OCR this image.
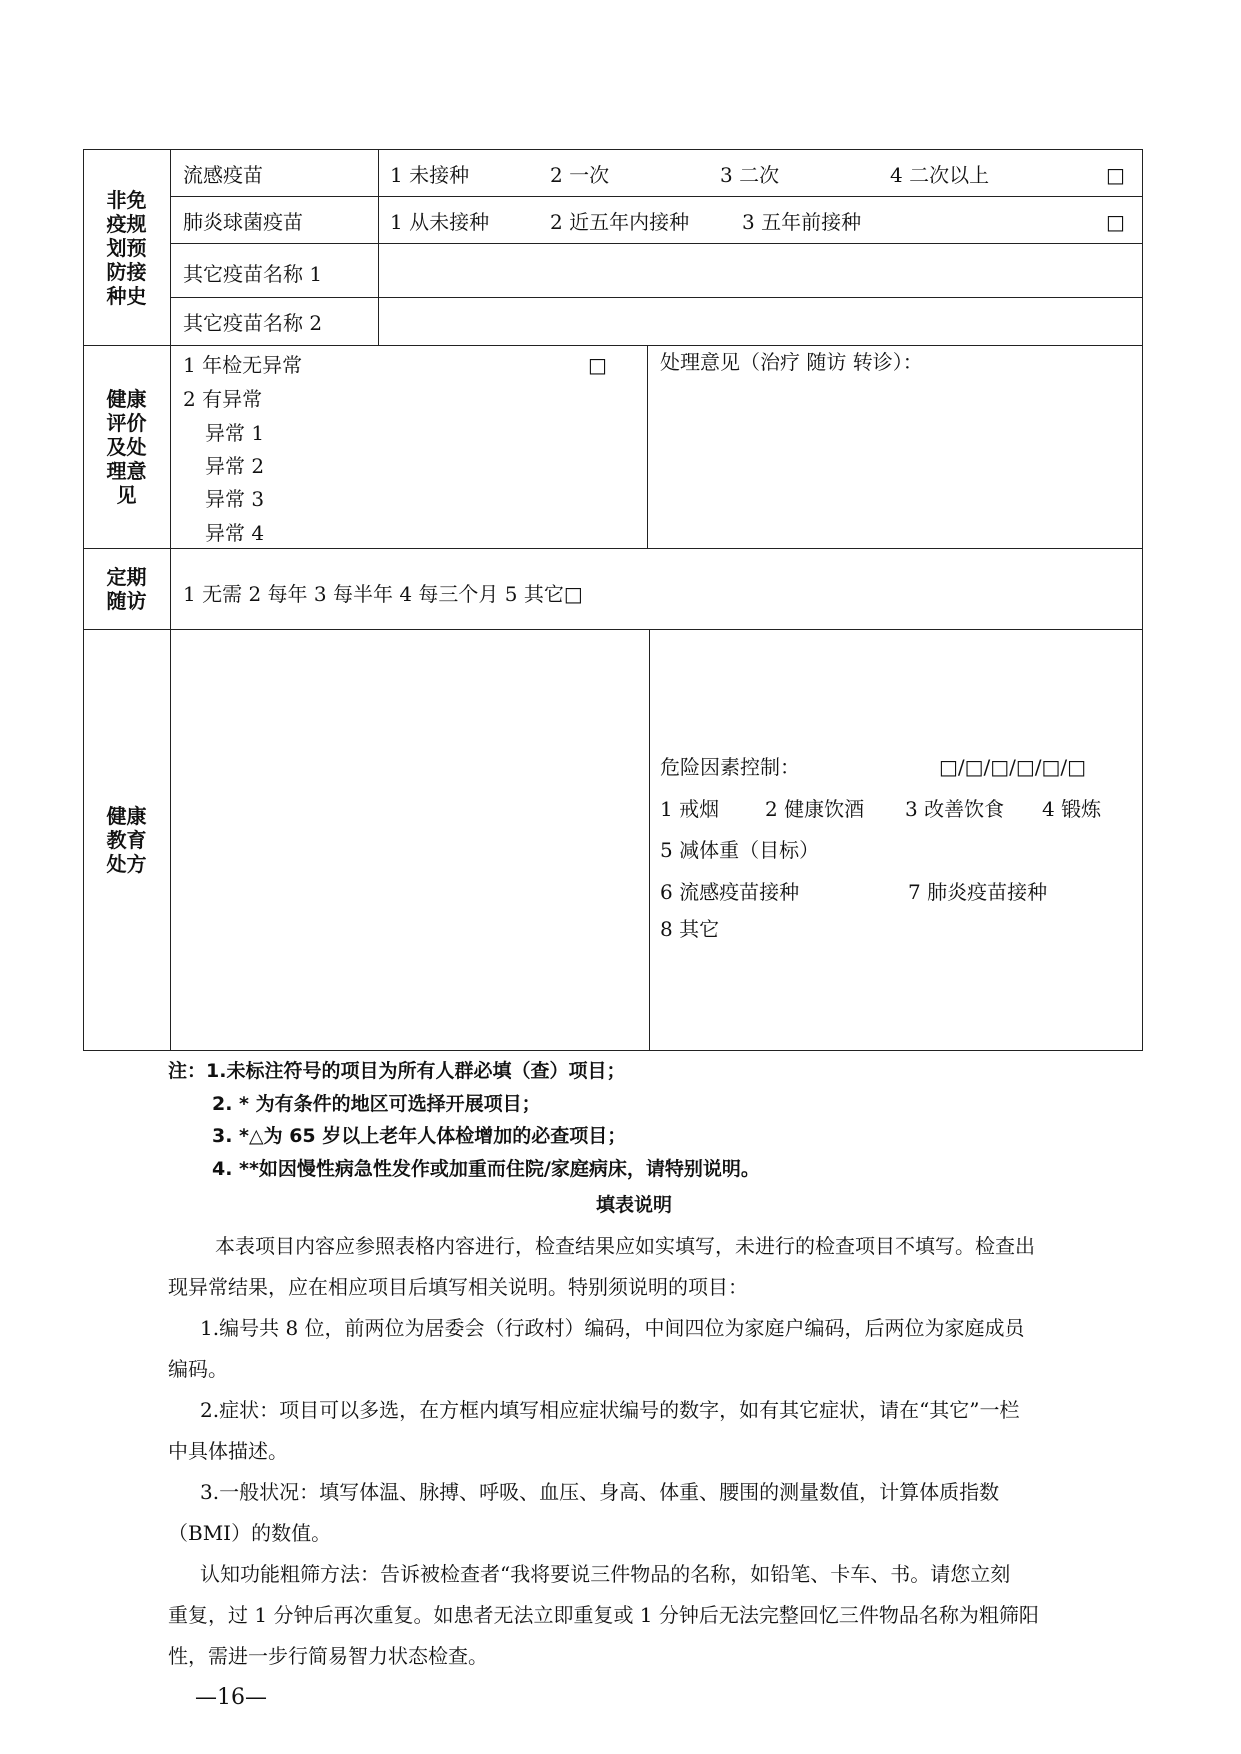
非免疫规划预防接种史
流感疫苗	1 未接种	2 一次	3 二次	4 二次以上	□
肺炎球菌疫苗	1 从未接种	2 近五年内接种	3 五年前接种	□
其它疫苗名称 1
其它疫苗名称 2
健康评价及处理意见
1 年检无异常	□
2 有异常
异常 1
异常 2
异常 3
异常 4
处理意见（治疗 随访 转诊）：
定期随访 1 无需 2 每年 3 每半年 4 每三个月 5 其它□
健康教育处方
危险因素控制：	□/□/□/□/□/□
1 戒烟 2 健康饮酒 3 改善饮食 4 锻炼
5 减体重（目标）
6 流感疫苗接种	7 肺炎疫苗接种
8 其它
注：1.未标注符号的项目为所有人群必填（查）项目；
2. * 为有条件的地区可选择开展项目；
3. *△为 65 岁以上老年人体检增加的必查项目；
4. **如因慢性病急性发作或加重而住院/家庭病床，请特别说明。
填表说明
本表项目内容应参照表格内容进行，检查结果应如实填写，未进行的检查项目不填写。检查出
现异常结果，应在相应项目后填写相关说明。特别须说明的项目：
1.编号共 8 位，前两位为居委会（行政村）编码，中间四位为家庭户编码，后两位为家庭成员
编码。
2.症状：项目可以多选，在方框内填写相应症状编号的数字，如有其它症状，请在“其它”一栏
中具体描述。
3.一般状况：填写体温、脉搏、呼吸、血压、身高、体重、腰围的测量数值，计算体质指数
（BMI）的数值。
认知功能粗筛方法：告诉被检查者“我将要说三件物品的名称，如铅笔、卡车、书。请您立刻
重复，过 1 分钟后再次重复。如患者无法立即重复或 1 分钟后无法完整回忆三件物品名称为粗筛阳
性，需进一步行简易智力状态检查。
—16—
